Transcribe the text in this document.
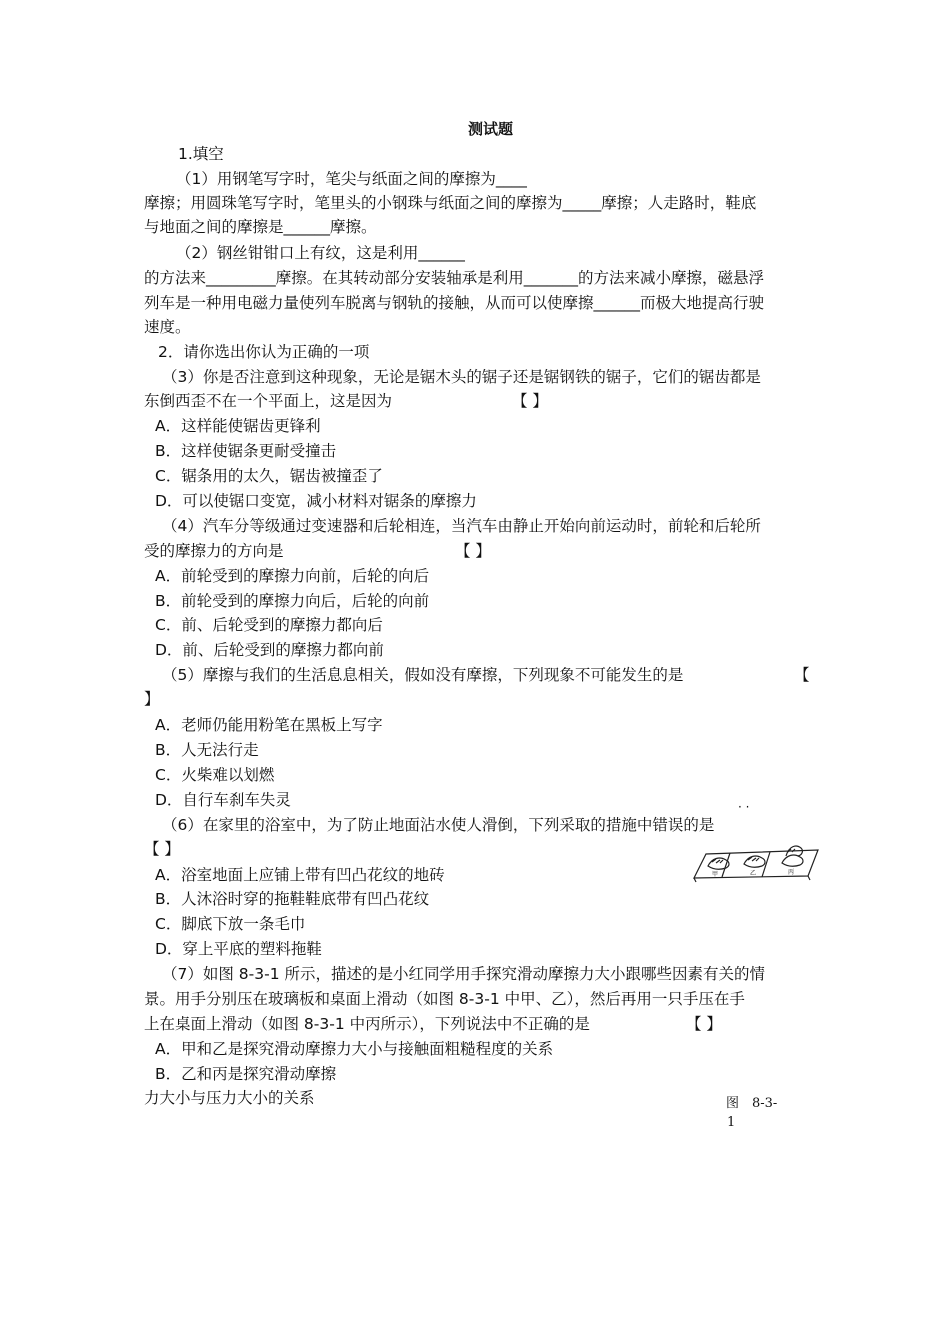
测试题
1.填空
（1）用钢笔写字时，笔尖与纸面之间的摩擦为____
摩擦；用圆珠笔写字时，笔里头的小钢珠与纸面之间的摩擦为_____摩擦；人走路时，鞋底
与地面之间的摩擦是______摩擦。
（2）钢丝钳钳口上有纹，这是利用______
的方法来_________摩擦。在其转动部分安装轴承是利用_______的方法来减小摩擦，磁悬浮
列车是一种用电磁力量使列车脱离与钢轨的接触，从而可以使摩擦______而极大地提高行驶
速度。
2．请你选出你认为正确的一项
（3）你是否注意到这种现象，无论是锯木头的锯子还是锯钢铁的锯子，它们的锯齿都是
东倒西歪不在一个平面上，这是因为	【 】
A．这样能使锯齿更锋利
B．这样使锯条更耐受撞击
C．锯条用的太久，锯齿被撞歪了
D．可以使锯口变宽，减小材料对锯条的摩擦力
（4）汽车分等级通过变速器和后轮相连，当汽车由静止开始向前运动时，前轮和后轮所
受的摩擦力的方向是	【 】
A．前轮受到的摩擦力向前，后轮的向后
B．前轮受到的摩擦力向后，后轮的向前
C．前、后轮受到的摩擦力都向后
D．前、后轮受到的摩擦力都向前
（5）摩擦与我们的生活息息相关，假如没有摩擦，下列现象不可能发生的是	【
】
A．老师仍能用粉笔在黑板上写字
B．人无法行走
C．火柴难以划燃
D．自行车刹车失灵	· ·
（6）在家里的浴室中，为了防止地面沾水使人滑倒，下列采取的措施中错误的是
【 】
A．浴室地面上应铺上带有凹凸花纹的地砖
B．人沐浴时穿的拖鞋鞋底带有凹凸花纹
C．脚底下放一条毛巾
D．穿上平底的塑料拖鞋
（7）如图 8-3-1 所示，描述的是小红同学用手探究滑动摩擦力大小跟哪些因素有关的情
景。用手分别压在玻璃板和桌面上滑动（如图 8-3-1 中甲、乙），然后再用一只手压在手
上在桌面上滑动（如图 8-3-1 中丙所示），下列说法中不正确的是	【 】
A．甲和乙是探究滑动摩擦力大小与接触面粗糙程度的关系
B．乙和丙是探究滑动摩擦
力大小与压力大小的关系
甲	乙	丙
图　8-3-
1
